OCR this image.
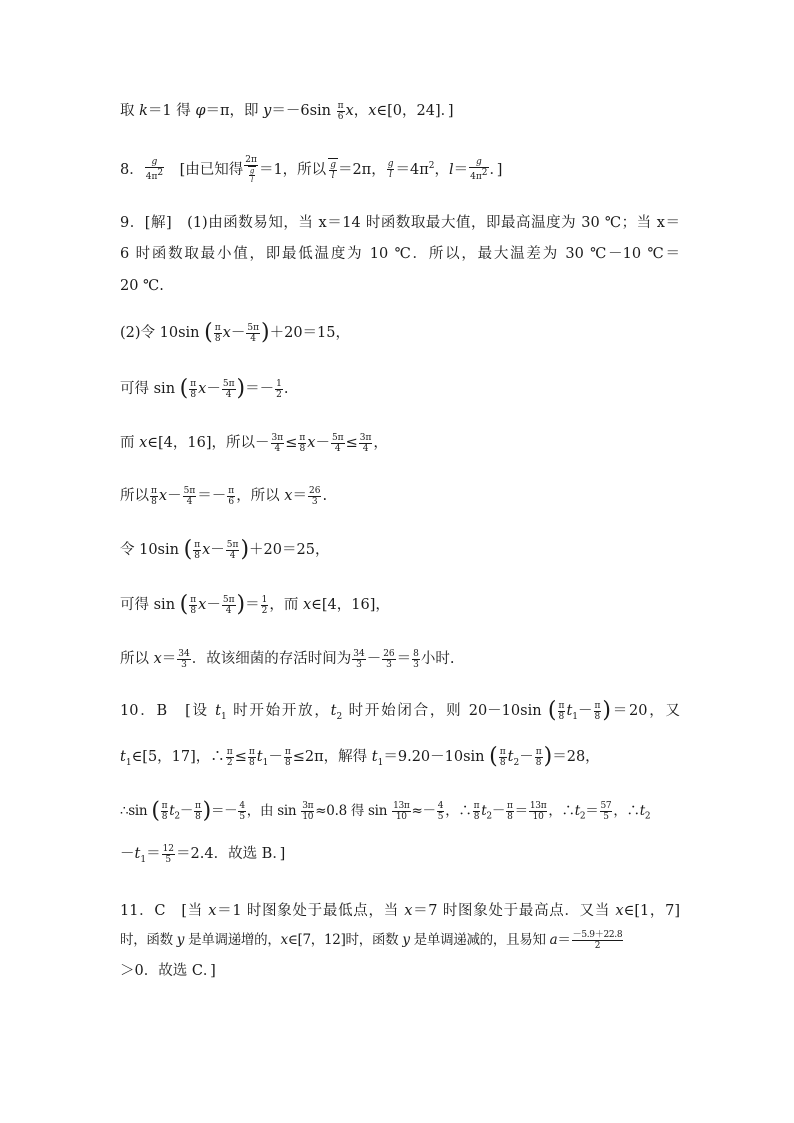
取 k＝1 得 φ＝π，即 $y=-6\sin \frac{\pi}{6}$ x，x∈[0，24]．]
8． $\frac{g}{4\pi^2}$ 　[由已知得 $\frac{2\pi}{\frac{g}{l}} =1$，所以 $\frac{g}{l} =2\pi$， $\frac{g}{l} =4\pi^2$，$l= \frac{g}{4\pi^2}$ ．]
9．[解]　(1)由函数易知，当 x＝14 时函数取最大值，即最高温度为 30 ℃；当 x＝
6 时函数取最小值，即最低温度为 10 ℃．所以，最大温差为 30 ℃－10 ℃＝
20 ℃.
(2)令 10sin ( $\frac{\pi}{8} x- \frac{5\pi}{4} )+20=15$，
可得 sin ( $\frac{\pi}{8} x- \frac{5\pi}{4}$ )＝－ $\frac{1}{2}$ .
而 x∈[4，16]，所以－ $\frac{3\pi}{4} \le \frac{\pi}{8} x- \frac{5\pi}{4} \le \frac{3\pi}{4}$ ，
所以 $\frac{\pi}{8} x- \frac{5\pi}{4} =- \frac{\pi}{6}$ ，所以 $x= \frac{26}{3}$ .
令 10sin ( $\frac{\pi}{8} x- \frac{5\pi}{4} )+20=25$，
可得 sin ( $\frac{\pi}{8} x- \frac{5\pi}{4}$ )＝ $\frac{1}{2}$ ，而 x∈[4，16]，
所以 $x= \frac{34}{3}$ ．故该细菌的存活时间为 $\frac{34}{3} - \frac{26}{3} = \frac{8}{3}$ 小时.
10．B　[设 $t_1$ 时开始开放，$t_2$ 时开始闭合，则 20－10sin ( $\frac{\pi}{8} t_1- \frac{\pi}{8} )=20$，又
$t_1\in[5$，17]，∴ $\frac{\pi}{2} \le \frac{\pi}{8} t_1- \frac{\pi}{8} \le 2\pi$，解得 $t_1=9.20-10\sin$ ( $\frac{\pi}{8} t_2- \frac{\pi}{8} )=28$，
∴sin ( $\frac{\pi}{8} t_2- \frac{\pi}{8}$ )＝－ $\frac{4}{5}$ ，由 $\sin \frac{3\pi}{10} \approx 0.8$ 得 $\sin \frac{13\pi}{10} \approx- \frac{4}{5}$ ，∴ $\frac{\pi}{8} t_2- \frac{\pi}{8} = \frac{13\pi}{10}$ ，$\therefore t_2= \frac{57}{5}$ ，$\therefore t_2$
$-t_1= \frac{12}{5} =2.4$．故选 B．]
11．C　[当 x＝1 时图象处于最低点，当 x＝7 时图象处于最高点．又当 x∈[1，7]
时，函数 y 是单调递增的，x∈[7，12]时，函数 y 是单调递减的，且易知 $a= \frac{-5.9+22.8}{2}$
＞0．故选 C．]
